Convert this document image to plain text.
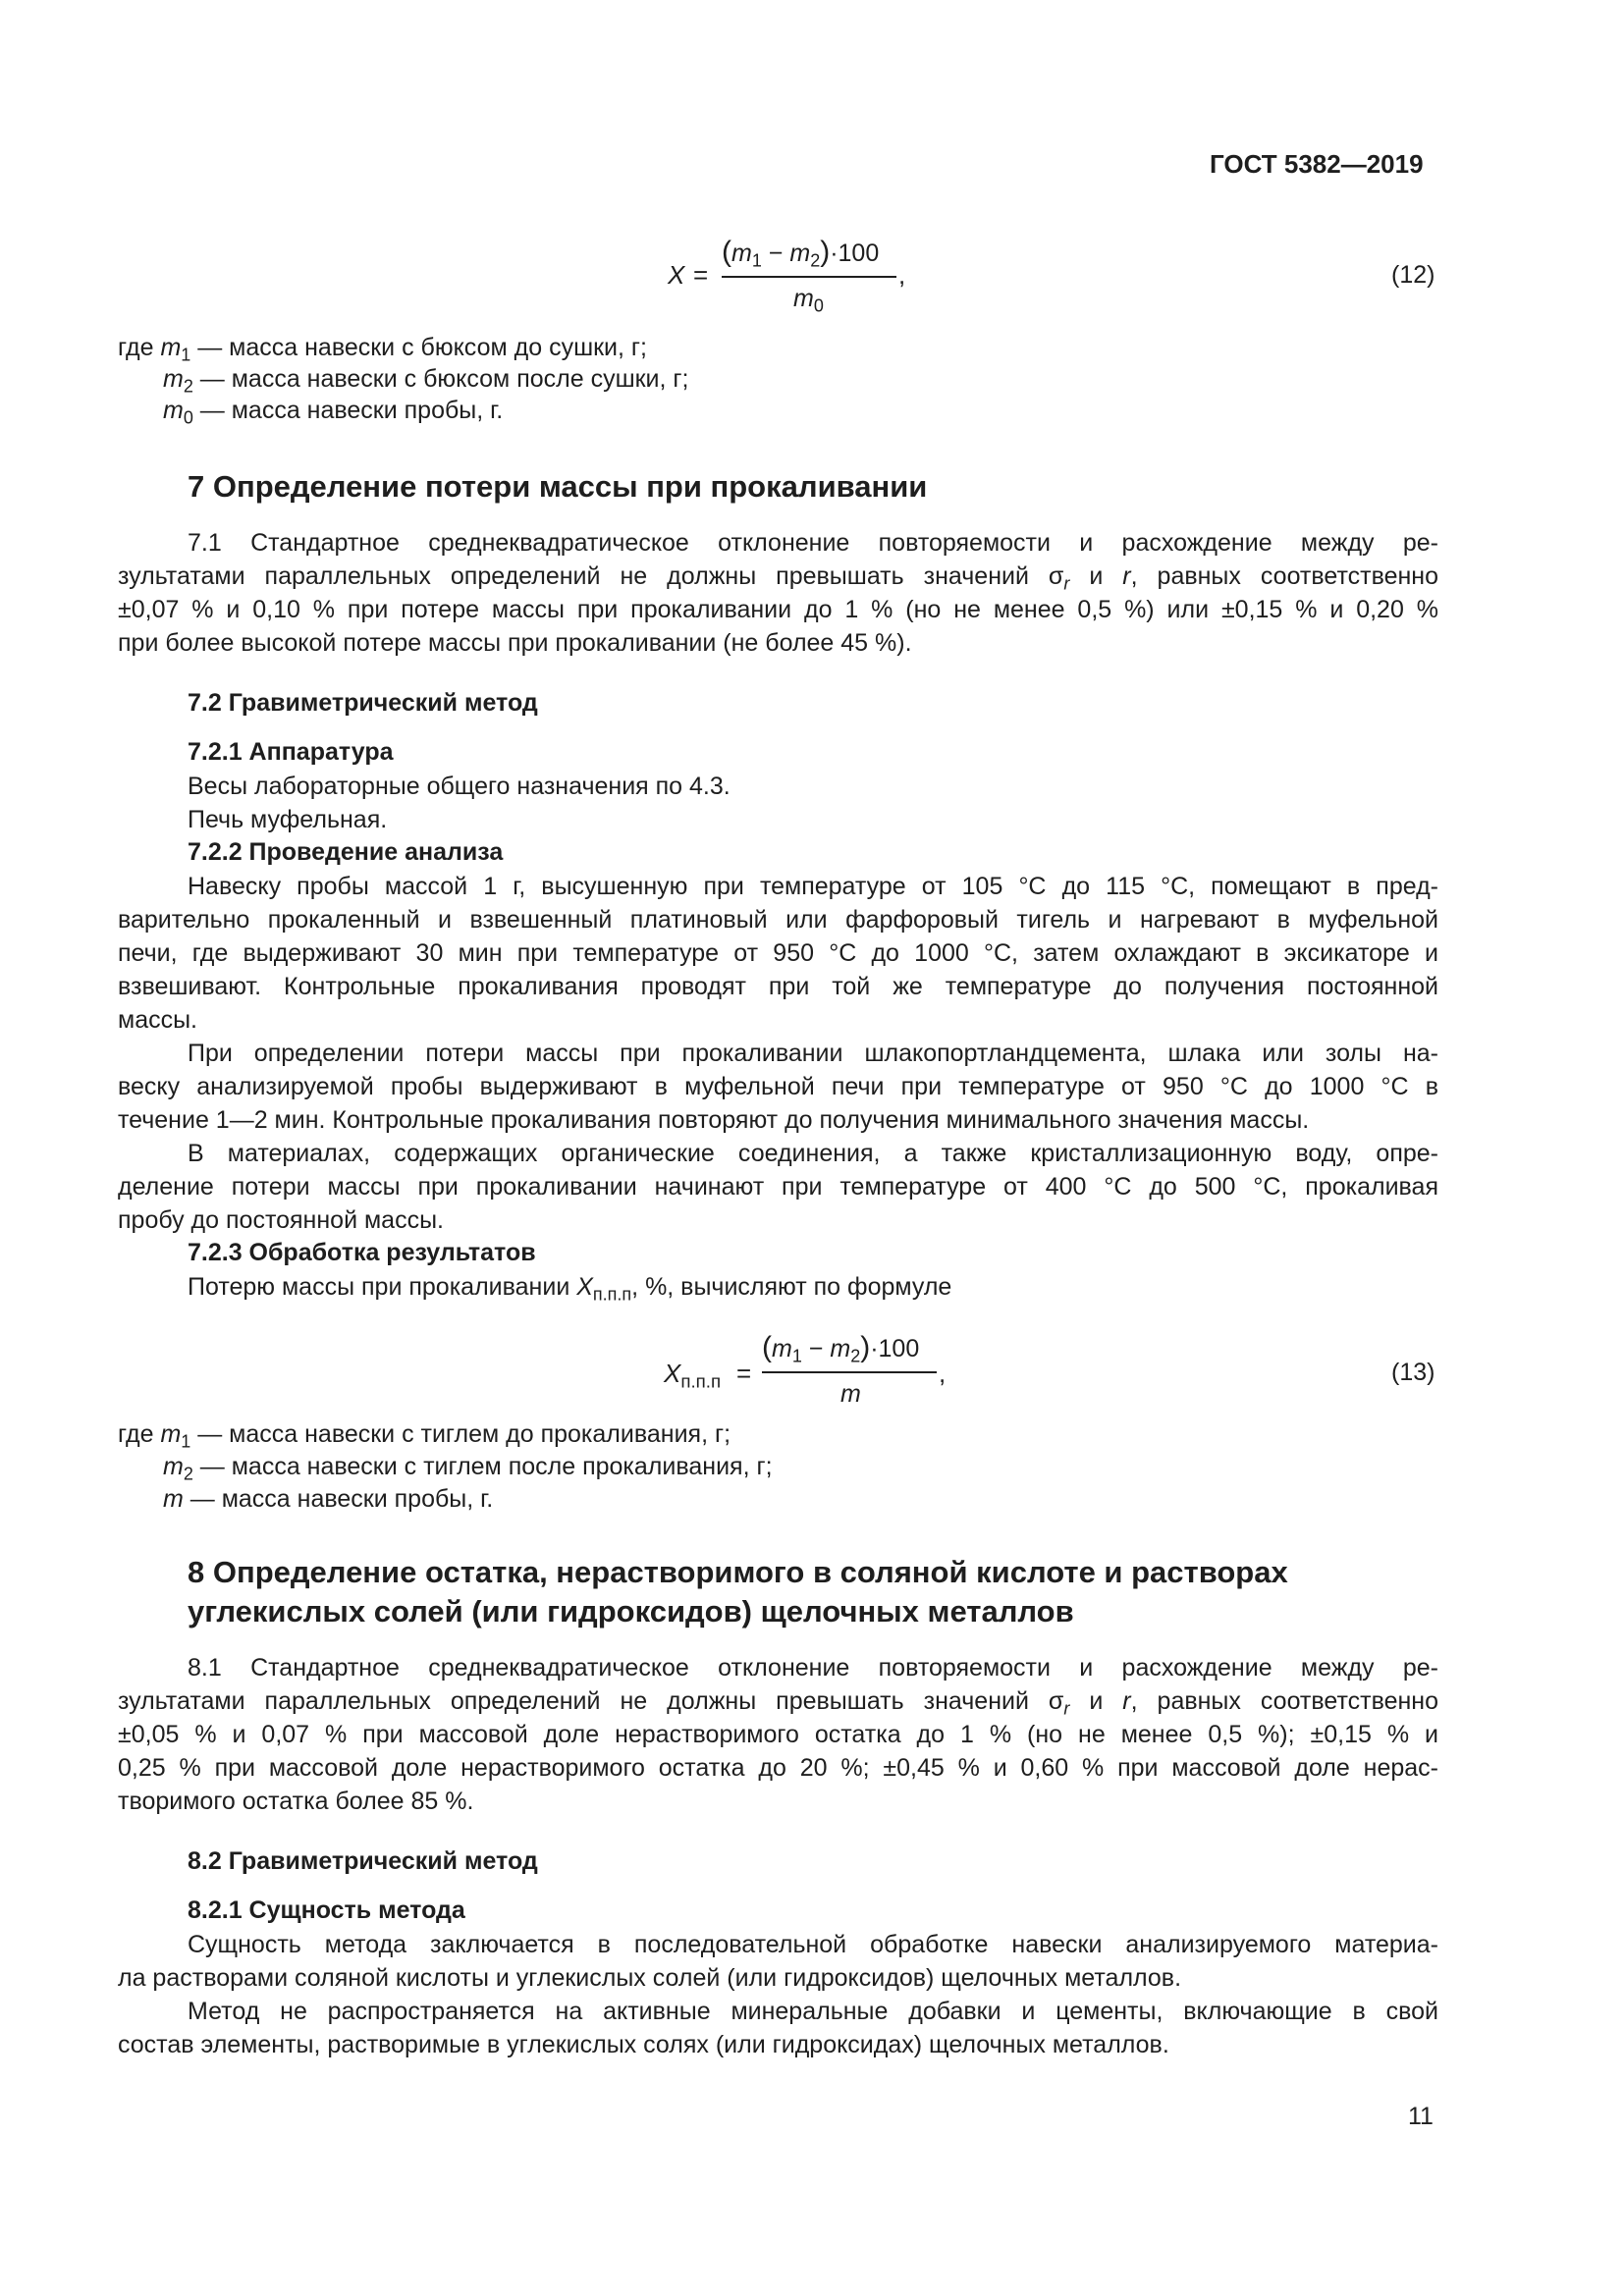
ГОСТ 5382—2019
X =
$(m_1 - m_2)\cdot 100$
$m_0$
,	(12)
где $m_1$ — масса навески с бюксом до сушки, г;
$m_2$ — масса навески с бюксом после сушки, г;
$m_0$ — масса навески пробы, г.
7 Определение потери массы при прокаливании
7.1 Стандартное среднеквадратическое отклонение повторяемости и расхождение между ре-
зультатами параллельных определений не должны превышать значений $\sigma_r$ и r, равных соответственно
±0,07 % и 0,10 % при потере массы при прокаливании до 1 % (но не менее 0,5 %) или ±0,15 % и 0,20 %
при более высокой потере массы при прокаливании (не более 45 %).
7.2 Гравиметрический метод
7.2.1 Аппаратура
Весы лабораторные общего назначения по 4.3.
Печь муфельная.
7.2.2 Проведение анализа
Навеску пробы массой 1 г, высушенную при температуре от 105 °С до 115 °С, помещают в пред-
варительно прокаленный и взвешенный платиновый или фарфоровый тигель и нагревают в муфельной
печи, где выдерживают 30 мин при температуре от 950 °С до 1000 °С, затем охлаждают в эксикаторе и
взвешивают. Контрольные прокаливания проводят при той же температуре до получения постоянной
массы.
При определении потери массы при прокаливании шлакопортландцемента, шлака или золы на-
веску анализируемой пробы выдерживают в муфельной печи при температуре от 950 °С до 1000 °С в
течение 1—2 мин. Контрольные прокаливания повторяют до получения минимального значения массы.
В материалах, содержащих органические соединения, а также кристаллизационную воду, опре-
деление потери массы при прокаливании начинают при температуре от 400 °С до 500 °С, прокаливая
пробу до постоянной массы.
7.2.3 Обработка результатов
Потерю массы при прокаливании $X_{п.п.п}$, %, вычисляют по формуле
$X_{п.п.п}$ =
$(m_1 - m_2)\cdot 100$
m
,	(13)
где $m_1$ — масса навески с тиглем до прокаливания, г;
$m_2$ — масса навески с тиглем после прокаливания, г;
m — масса навески пробы, г.
8 Определение остатка, нерастворимого в соляной кислоте и растворах
углекислых солей (или гидроксидов) щелочных металлов
8.1 Стандартное среднеквадратическое отклонение повторяемости и расхождение между ре-
зультатами параллельных определений не должны превышать значений $\sigma_r$ и r, равных соответственно
±0,05 % и 0,07 % при массовой доле нерастворимого остатка до 1 % (но не менее 0,5 %); ±0,15 % и
0,25 % при массовой доле нерастворимого остатка до 20 %; ±0,45 % и 0,60 % при массовой доле нерас-
творимого остатка более 85 %.
8.2 Гравиметрический метод
8.2.1 Сущность метода
Сущность метода заключается в последовательной обработке навески анализируемого материа-
ла растворами соляной кислоты и углекислых солей (или гидроксидов) щелочных металлов.
Метод не распространяется на активные минеральные добавки и цементы, включающие в свой
состав элементы, растворимые в углекислых солях (или гидроксидах) щелочных металлов.
11
